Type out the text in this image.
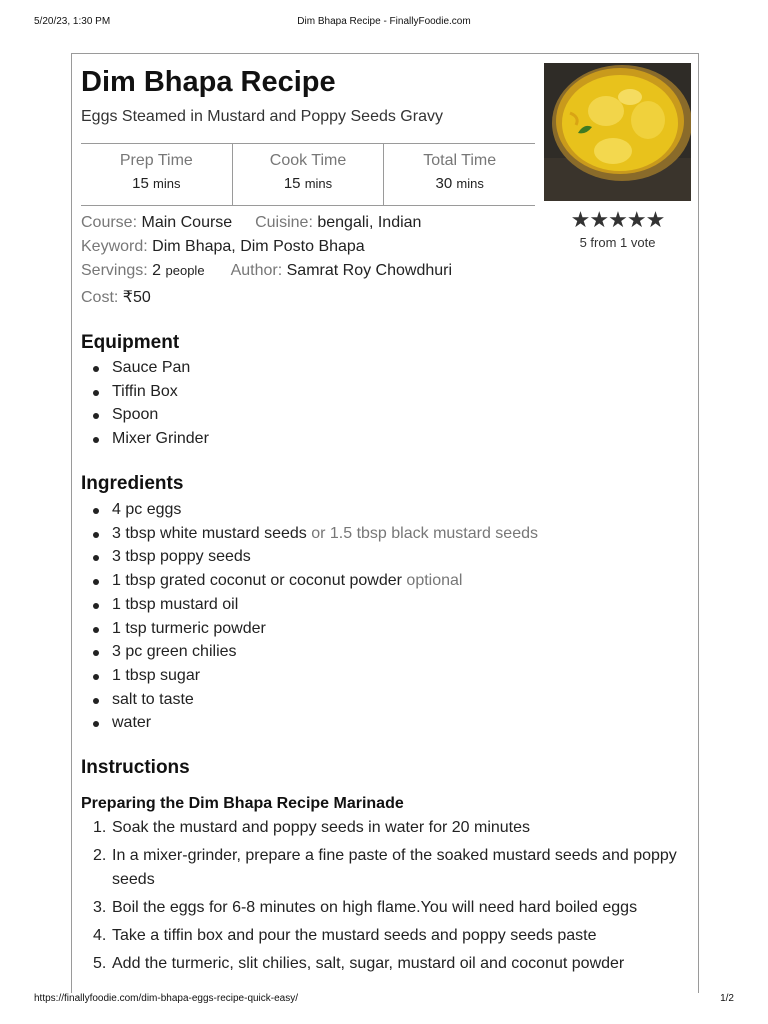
5/20/23, 1:30 PM	Dim Bhapa Recipe - FinallyFoodie.com
Dim Bhapa Recipe
Eggs Steamed in Mustard and Poppy Seeds Gravy
Prep Time
15 mins
Cook Time
15 mins
Total Time
30 mins
★★★★★
5 from 1 vote
Course: Main Course Cuisine: bengali, Indian
Keyword: Dim Bhapa, Dim Posto Bhapa
Servings: 2 people Author: Samrat Roy Chowdhuri
Cost: ₹50
Equipment
Sauce Pan
Tiffin Box
Spoon
Mixer Grinder
Ingredients
4 pc eggs
3 tbsp white mustard seeds or 1.5 tbsp black mustard seeds
3 tbsp poppy seeds
1 tbsp grated coconut or coconut powder optional
1 tbsp mustard oil
1 tsp turmeric powder
3 pc green chilies
1 tbsp sugar
salt to taste
water
Instructions
Preparing the Dim Bhapa Recipe Marinade
1. Soak the mustard and poppy seeds in water for 20 minutes
2. In a mixer-grinder, prepare a fine paste of the soaked mustard seeds and poppy seeds
3. Boil the eggs for 6-8 minutes on high flame.You will need hard boiled eggs
4. Take a tiffin box and pour the mustard seeds and poppy seeds paste
5. Add the turmeric, slit chilies, salt, sugar, mustard oil and coconut powder
https://finallyfoodie.com/dim-bhapa-eggs-recipe-quick-easy/	1/2
